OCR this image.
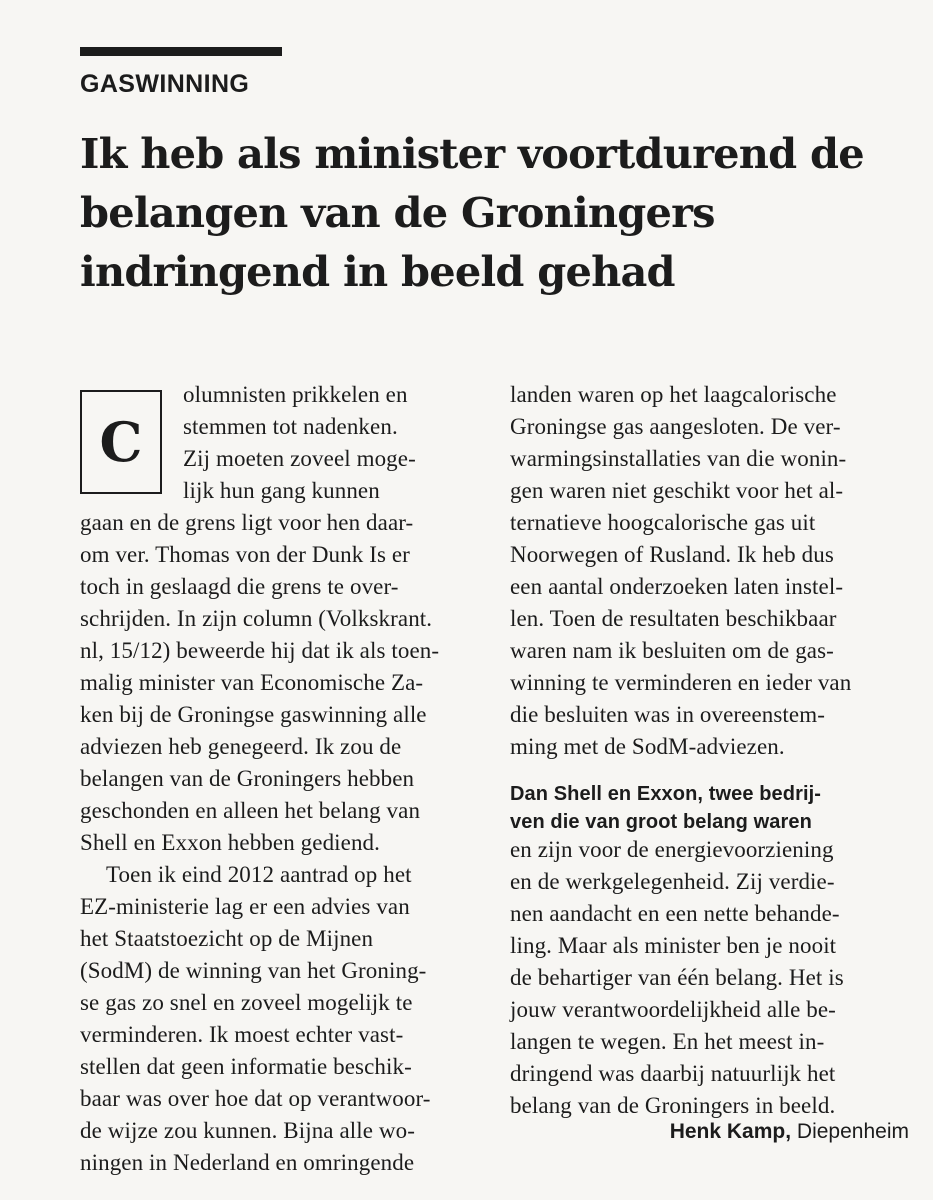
GASWINNING
Ik heb als minister voortdurend de belangen van de Groningers indringend in beeld gehad
C

olumnisten prikkelen en

stemmen tot nadenken.

Zij moeten zoveel moge-

lijk hun gang kunnen

gaan en de grens ligt voor hen daar-

om ver. Thomas von der Dunk Is er

toch in geslaagd die grens te over-

schrijden. In zijn column (Volkskrant.

nl, 15/12) beweerde hij dat ik als toen-

malig minister van Economische Za-

ken bij de Groningse gaswinning alle

adviezen heb genegeerd. Ik zou de

belangen van de Groningers hebben

geschonden en alleen het belang van

Shell en Exxon hebben gediend.

Toen ik eind 2012 aantrad op het

EZ-ministerie lag er een advies van

het Staatstoezicht op de Mijnen

(SodM) de winning van het Groning-

se gas zo snel en zoveel mogelijk te

verminderen. Ik moest echter vast-

stellen dat geen informatie beschik-

baar was over hoe dat op verantwoor-

de wijze zou kunnen. Bijna alle wo-

ningen in Nederland en omringende

landen waren op het laagcalorische

Groningse gas aangesloten. De ver-

warmingsinstallaties van die wonin-

gen waren niet geschikt voor het al-

ternatieve hoogcalorische gas uit

Noorwegen of Rusland. Ik heb dus

een aantal onderzoeken laten instel-

len. Toen de resultaten beschikbaar

waren nam ik besluiten om de gas-

winning te verminderen en ieder van

die besluiten was in overeenstem-

ming met de SodM-adviezen.

Dan Shell en Exxon, twee bedrij-

ven die van groot belang waren

en zijn voor de energievoorziening

en de werkgelegenheid. Zij verdie-

nen aandacht en een nette behande-

ling. Maar als minister ben je nooit

de behartiger van één belang. Het is

jouw verantwoordelijkheid alle be-

langen te wegen. En het meest in-

dringend was daarbij natuurlijk het

belang van de Groningers in beeld.

Henk Kamp, Diepenheim
